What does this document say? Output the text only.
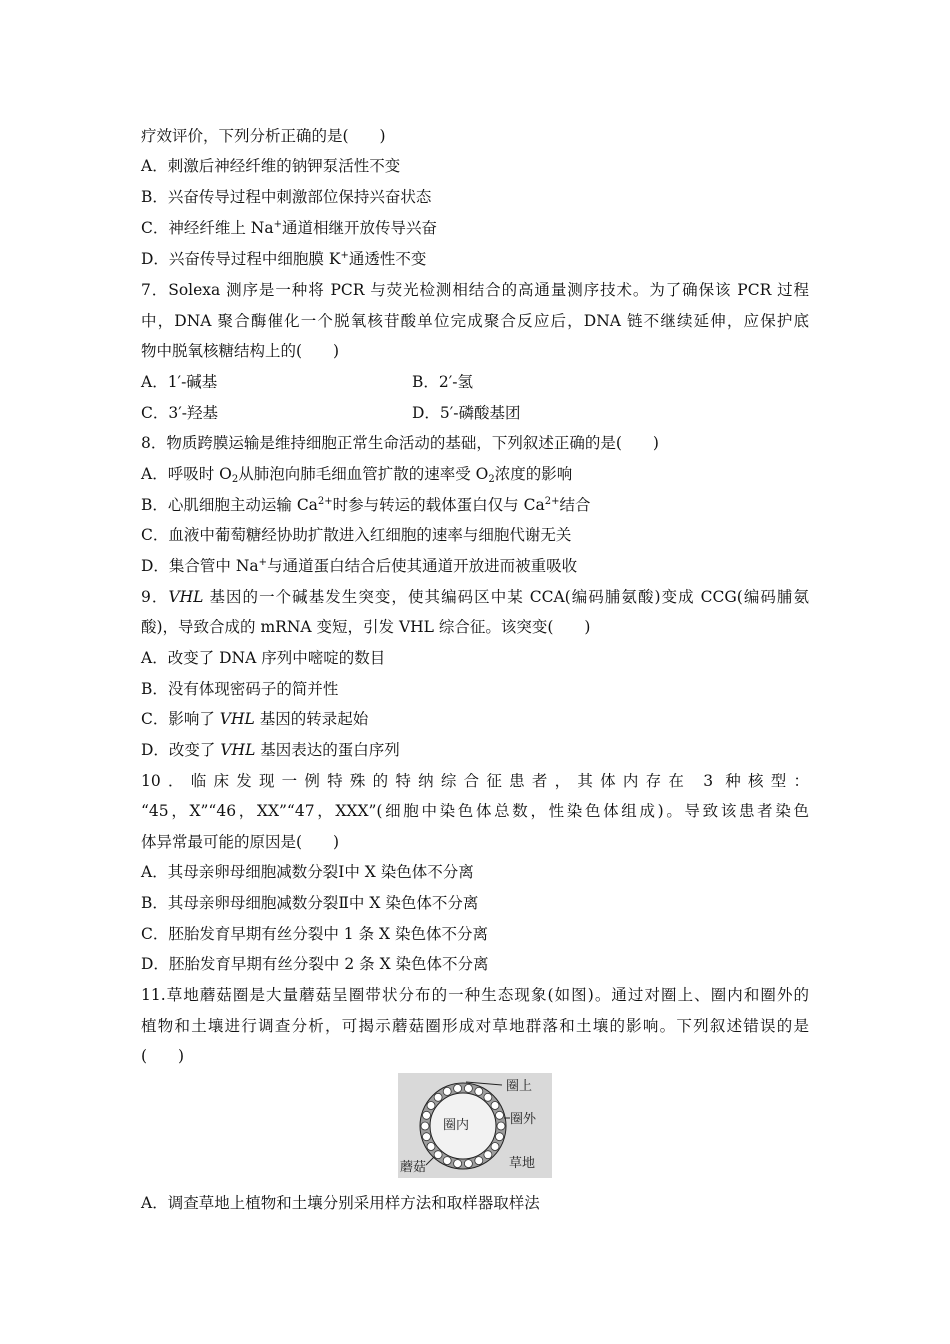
疗效评价，下列分析正确的是(　　)
A．刺激后神经纤维的钠钾泵活性不变
B．兴奋传导过程中刺激部位保持兴奋状态
C．神经纤维上 Na+通道相继开放传导兴奋
D．兴奋传导过程中细胞膜 K+通透性不变
7．Solexa 测序是一种将 PCR 与荧光检测相结合的高通量测序技术。为了确保该 PCR 过程
中，DNA 聚合酶催化一个脱氧核苷酸单位完成聚合反应后，DNA 链不继续延伸，应保护底
物中脱氧核糖结构上的(　　)
A．1′-碱基	B．2′-氢
C．3′-羟基	D．5′-磷酸基团
8．物质跨膜运输是维持细胞正常生命活动的基础，下列叙述正确的是(　　)
A．呼吸时 $O_2$从肺泡向肺毛细血管扩散的速率受 $O_2$浓度的影响
B．心肌细胞主动运输 $Ca^{2+}$时参与转运的载体蛋白仅与 $Ca^{2+}$结合
C．血液中葡萄糖经协助扩散进入红细胞的速率与细胞代谢无关
D．集合管中 Na+与通道蛋白结合后使其通道开放进而被重吸收
9．VHL 基因的一个碱基发生突变，使其编码区中某 CCA(编码脯氨酸)变成 CCG(编码脯氨
酸)，导致合成的 mRNA 变短，引发 VHL 综合征。该突变(　　)
A．改变了 DNA 序列中嘧啶的数目
B．没有体现密码子的简并性
C．影响了 VHL 基因的转录起始
D．改变了 VHL 基因表达的蛋白序列
10．临床发现一例特殊的特纳综合征患者，其体内存在 3 种核型：
“45，X”“46，XX”“47，XXX”(细胞中染色体总数，性染色体组成)。导致该患者染色
体异常最可能的原因是(　　)
A．其母亲卵母细胞减数分裂Ⅰ中 X 染色体不分离
B．其母亲卵母细胞减数分裂Ⅱ中 X 染色体不分离
C．胚胎发育早期有丝分裂中 1 条 X 染色体不分离
D．胚胎发育早期有丝分裂中 2 条 X 染色体不分离
11.草地蘑菇圈是大量蘑菇呈圈带状分布的一种生态现象(如图)。通过对圈上、圈内和圈外的
植物和土壤进行调查分析，可揭示蘑菇圈形成对草地群落和土壤的影响。下列叙述错误的是
(　　)
圈内
圈上
圈外
草地
蘑菇
A．调查草地上植物和土壤分别采用样方法和取样器取样法
